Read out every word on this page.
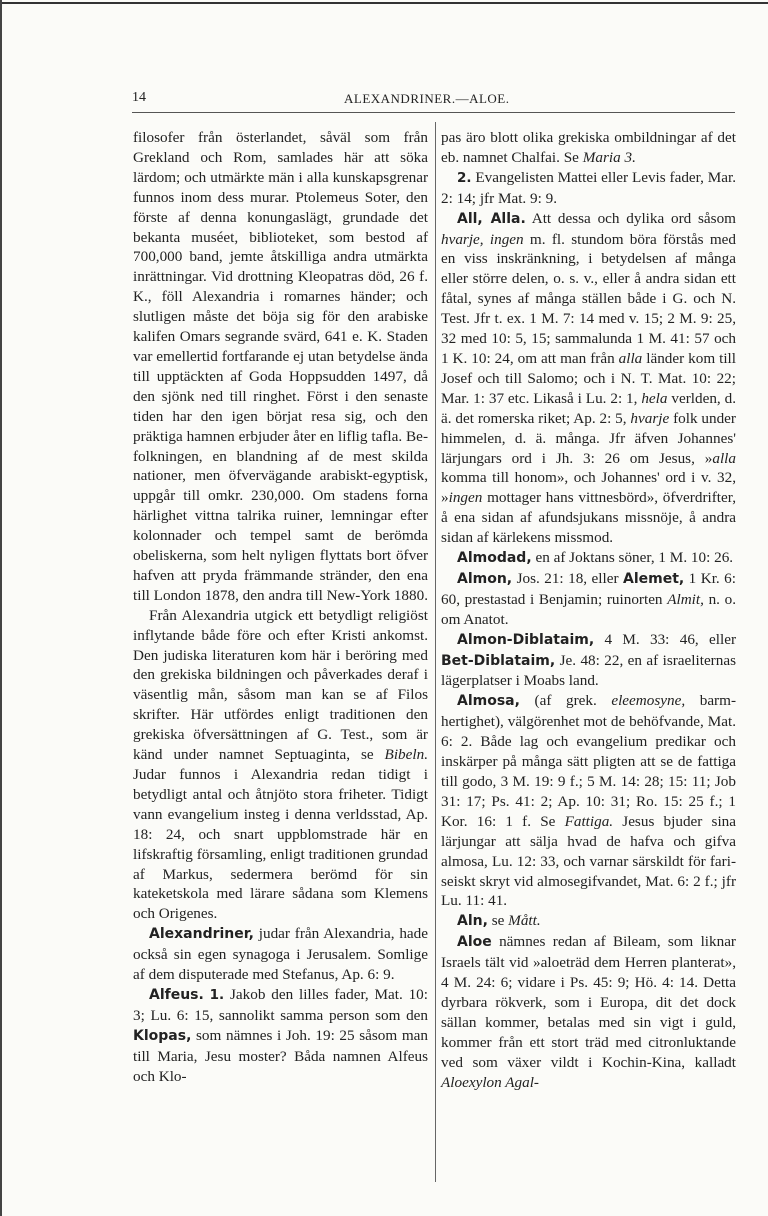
14	ALEXANDRINER.—ALOE.

filosofer från österlandet, såväl som från Grekland och Rom, samlades här att söka lärdom; och utmärkte män i alla kunskapsgrenar funnos inom dess murar. Ptolemeus Soter, den förste af denna konungaslägt, grundade det bekanta muséet, biblioteket, som bestod af 700,000 band, jemte åtskilliga andra utmärkta inrättningar. Vid drottning Kleopatras död, 26 f. K., föll Alexandria i romarnes händer; och slutligen måste det böja sig för den arabiske kalifen Omars segrande svärd, 641 e. K. Staden var emellertid fortfarande ej utan betydelse ända till upptäckten af Goda Hoppsudden 1497, då den sjönk ned till ringhet. Först i den senaste tiden har den igen börjat resa sig, och den präktiga hamnen erbjuder åter en liflig tafla. Befolkningen, en blandning af de mest skilda nationer, men öfvervägande arabiskt-egyptisk, uppgår till omkr. 230,000. Om stadens forna härlighet vittna talrika ruiner, lemningar efter kolonnader och tempel samt de berömda obeliskerna, som helt nyligen flyttats bort öfver hafven att pryda främmande stränder, den ena till London 1878, den andra till New-York 1880.

Från Alexandria utgick ett betydligt religiöst inflytande både före och efter Kristi ankomst. Den judiska literaturen kom här i beröring med den grekiska bildningen och påverkades deraf i väsentlig mån, såsom man kan se af Filos skrifter. Här utfördes enligt traditionen den grekiska öfversättningen af G. Test., som är känd under namnet Septuaginta, se Bibeln. Judar funnos i Alexandria redan tidigt i betydligt antal och åtnjöto stora friheter. Tidigt vann evangelium insteg i denna verldsstad, Ap. 18: 24, och snart uppblomstrade här en lifskraftig församling, enligt traditionen grundad af Markus, sedermera berömd för sin kateketskola med lärare sådana som Klemens och Origenes.

Alexandriner, judar från Alexandria, hade också sin egen synagoga i Jerusalem. Somlige af dem disputerade med Stefanus, Ap. 6: 9.

Alfeus. 1. Jakob den lilles fader, Mat. 10: 3; Lu. 6: 15, sannolikt samma person som den Klopas, som nämnes i Joh. 19: 25 såsom man till Maria, Jesu moster? Båda namnen Alfeus och Klo-

pas äro blott olika grekiska ombildningar af det eb. namnet Chalfai. Se Maria 3.

2. Evangelisten Mattei eller Levis fader, Mar. 2: 14; jfr Mat. 9: 9.

All, Alla. Att dessa och dylika ord såsom hvarje, ingen m. fl. stundom böra förstås med en viss inskränkning, i betydelsen af många eller större delen, o. s. v., eller å andra sidan ett fåtal, synes af många ställen både i G. och N. Test. Jfr t. ex. 1 M. 7: 14 med v. 15; 2 M. 9: 25, 32 med 10: 5, 15; sammalunda 1 M. 41: 57 och 1 K. 10: 24, om att man från alla länder kom till Josef och till Salomo; och i N. T. Mat. 10: 22; Mar. 1: 37 etc. Likaså i Lu. 2: 1, hela verlden, d. ä. det romerska riket; Ap. 2: 5, hvarje folk under himmelen, d. ä. många. Jfr äfven Johannes' lärjungars ord i Jh. 3: 26 om Jesus, »alla komma till honom», och Johannes' ord i v. 32, »ingen mottager hans vittnesbörd», öfverdrifter, å ena sidan af afundsjukans missnöje, å andra sidan af kärlekens missmod.

Almodad, en af Joktans söner, 1 M. 10: 26.

Almon, Jos. 21: 18, eller Alemet, 1 Kr. 6: 60, prestastad i Benjamin; ruinorten Almit, n. o. om Anatot.

Almon-Diblataim, 4 M. 33: 46, eller Bet-Diblataim, Je. 48: 22, en af israeliternas lägerplatser i Moabs land.

Almosa, (af grek. eleemosyne, barmhertighet), välgörenhet mot de behöfvande, Mat. 6: 2. Både lag och evangelium predikar och inskärper på många sätt pligten att se de fattiga till godo, 3 M. 19: 9 f.; 5 M. 14: 28; 15: 11; Job 31: 17; Ps. 41: 2; Ap. 10: 31; Ro. 15: 25 f.; 1 Kor. 16: 1 f. Se Fattiga. Jesus bjuder sina lärjungar att sälja hvad de hafva och gifva almosa, Lu. 12: 33, och varnar särskildt för fariseiskt skryt vid almosegifvandet, Mat. 6: 2 f.; jfr Lu. 11: 41.

Aln, se Mått.

Aloe nämnes redan af Bileam, som liknar Israels tält vid »aloeträd dem Herren planterat», 4 M. 24: 6; vidare i Ps. 45: 9; Hö. 4: 14. Detta dyrbara rökverk, som i Europa, dit det dock sällan kommer, betalas med sin vigt i guld, kommer från ett stort träd med citronluktande ved som växer vildt i Kochin-Kina, kalladt Aloexylon Agal-
